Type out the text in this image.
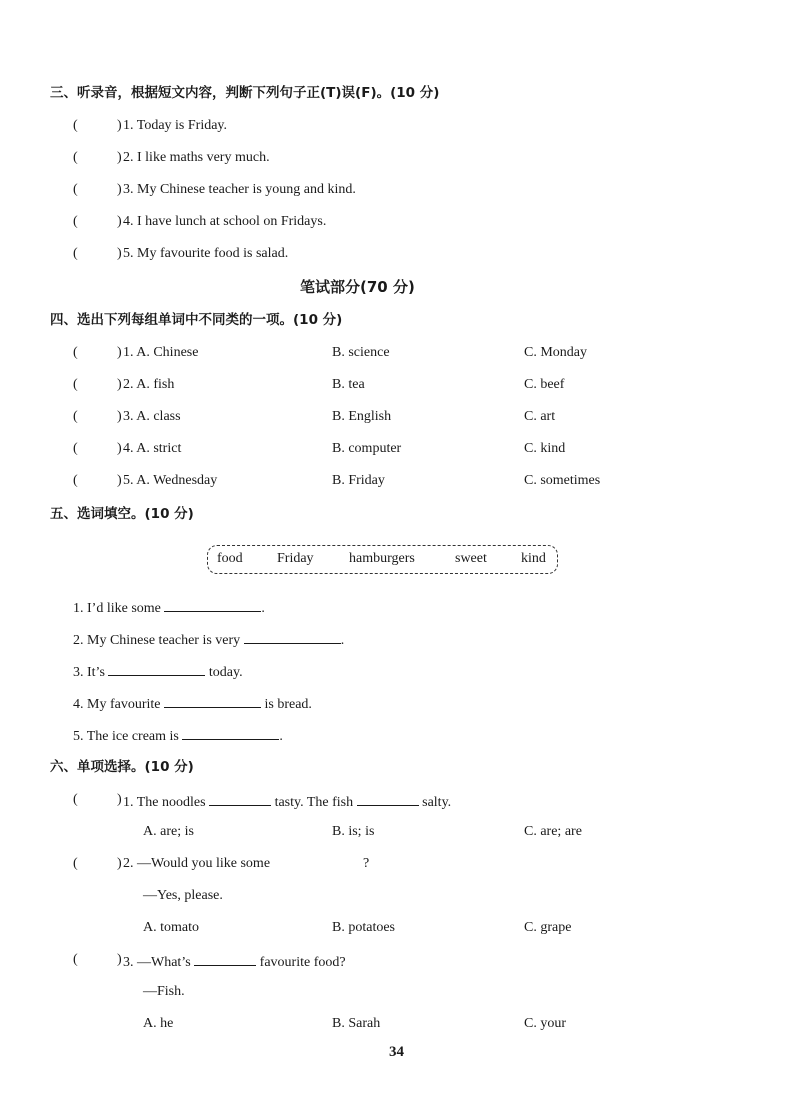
三、听录音，根据短文内容，判断下列句子正(T)误(F)。(10 分)
(	) 1. Today is Friday.
(	) 2. I like maths very much.
(	) 3. My Chinese teacher is young and kind.
(	) 4. I have lunch at school on Fridays.
(	) 5. My favourite food is salad.
笔试部分(70 分)
四、选出下列每组单词中不同类的一项。(10 分)
(	) 1. A. Chinese	B. science	C. Monday
(	) 2. A. fish	B. tea	C. beef
(	) 3. A. class	B. English	C. art
(	) 4. A. strict	B. computer	C. kind
(	) 5. A. Wednesday	B. Friday	C. sometimes
五、选词填空。(10 分)
food Friday	hamburgers	sweet kind
1. I’d like some	.
2. My Chinese teacher is very	.
3. It’s	today.
4. My favourite	is bread.
5. The ice cream is	.
六、单项选择。(10 分)
(	) 1. The noodles	tasty. The fish	salty.
A. are; is	B. is; is	C. are; are
(	) 2. —Would you like some	?
—Yes, please.
A. tomato	B. potatoes	C. grape
(	) 3. —What’s	favourite food?
—Fish.
A. he	B. Sarah	C. your
34
